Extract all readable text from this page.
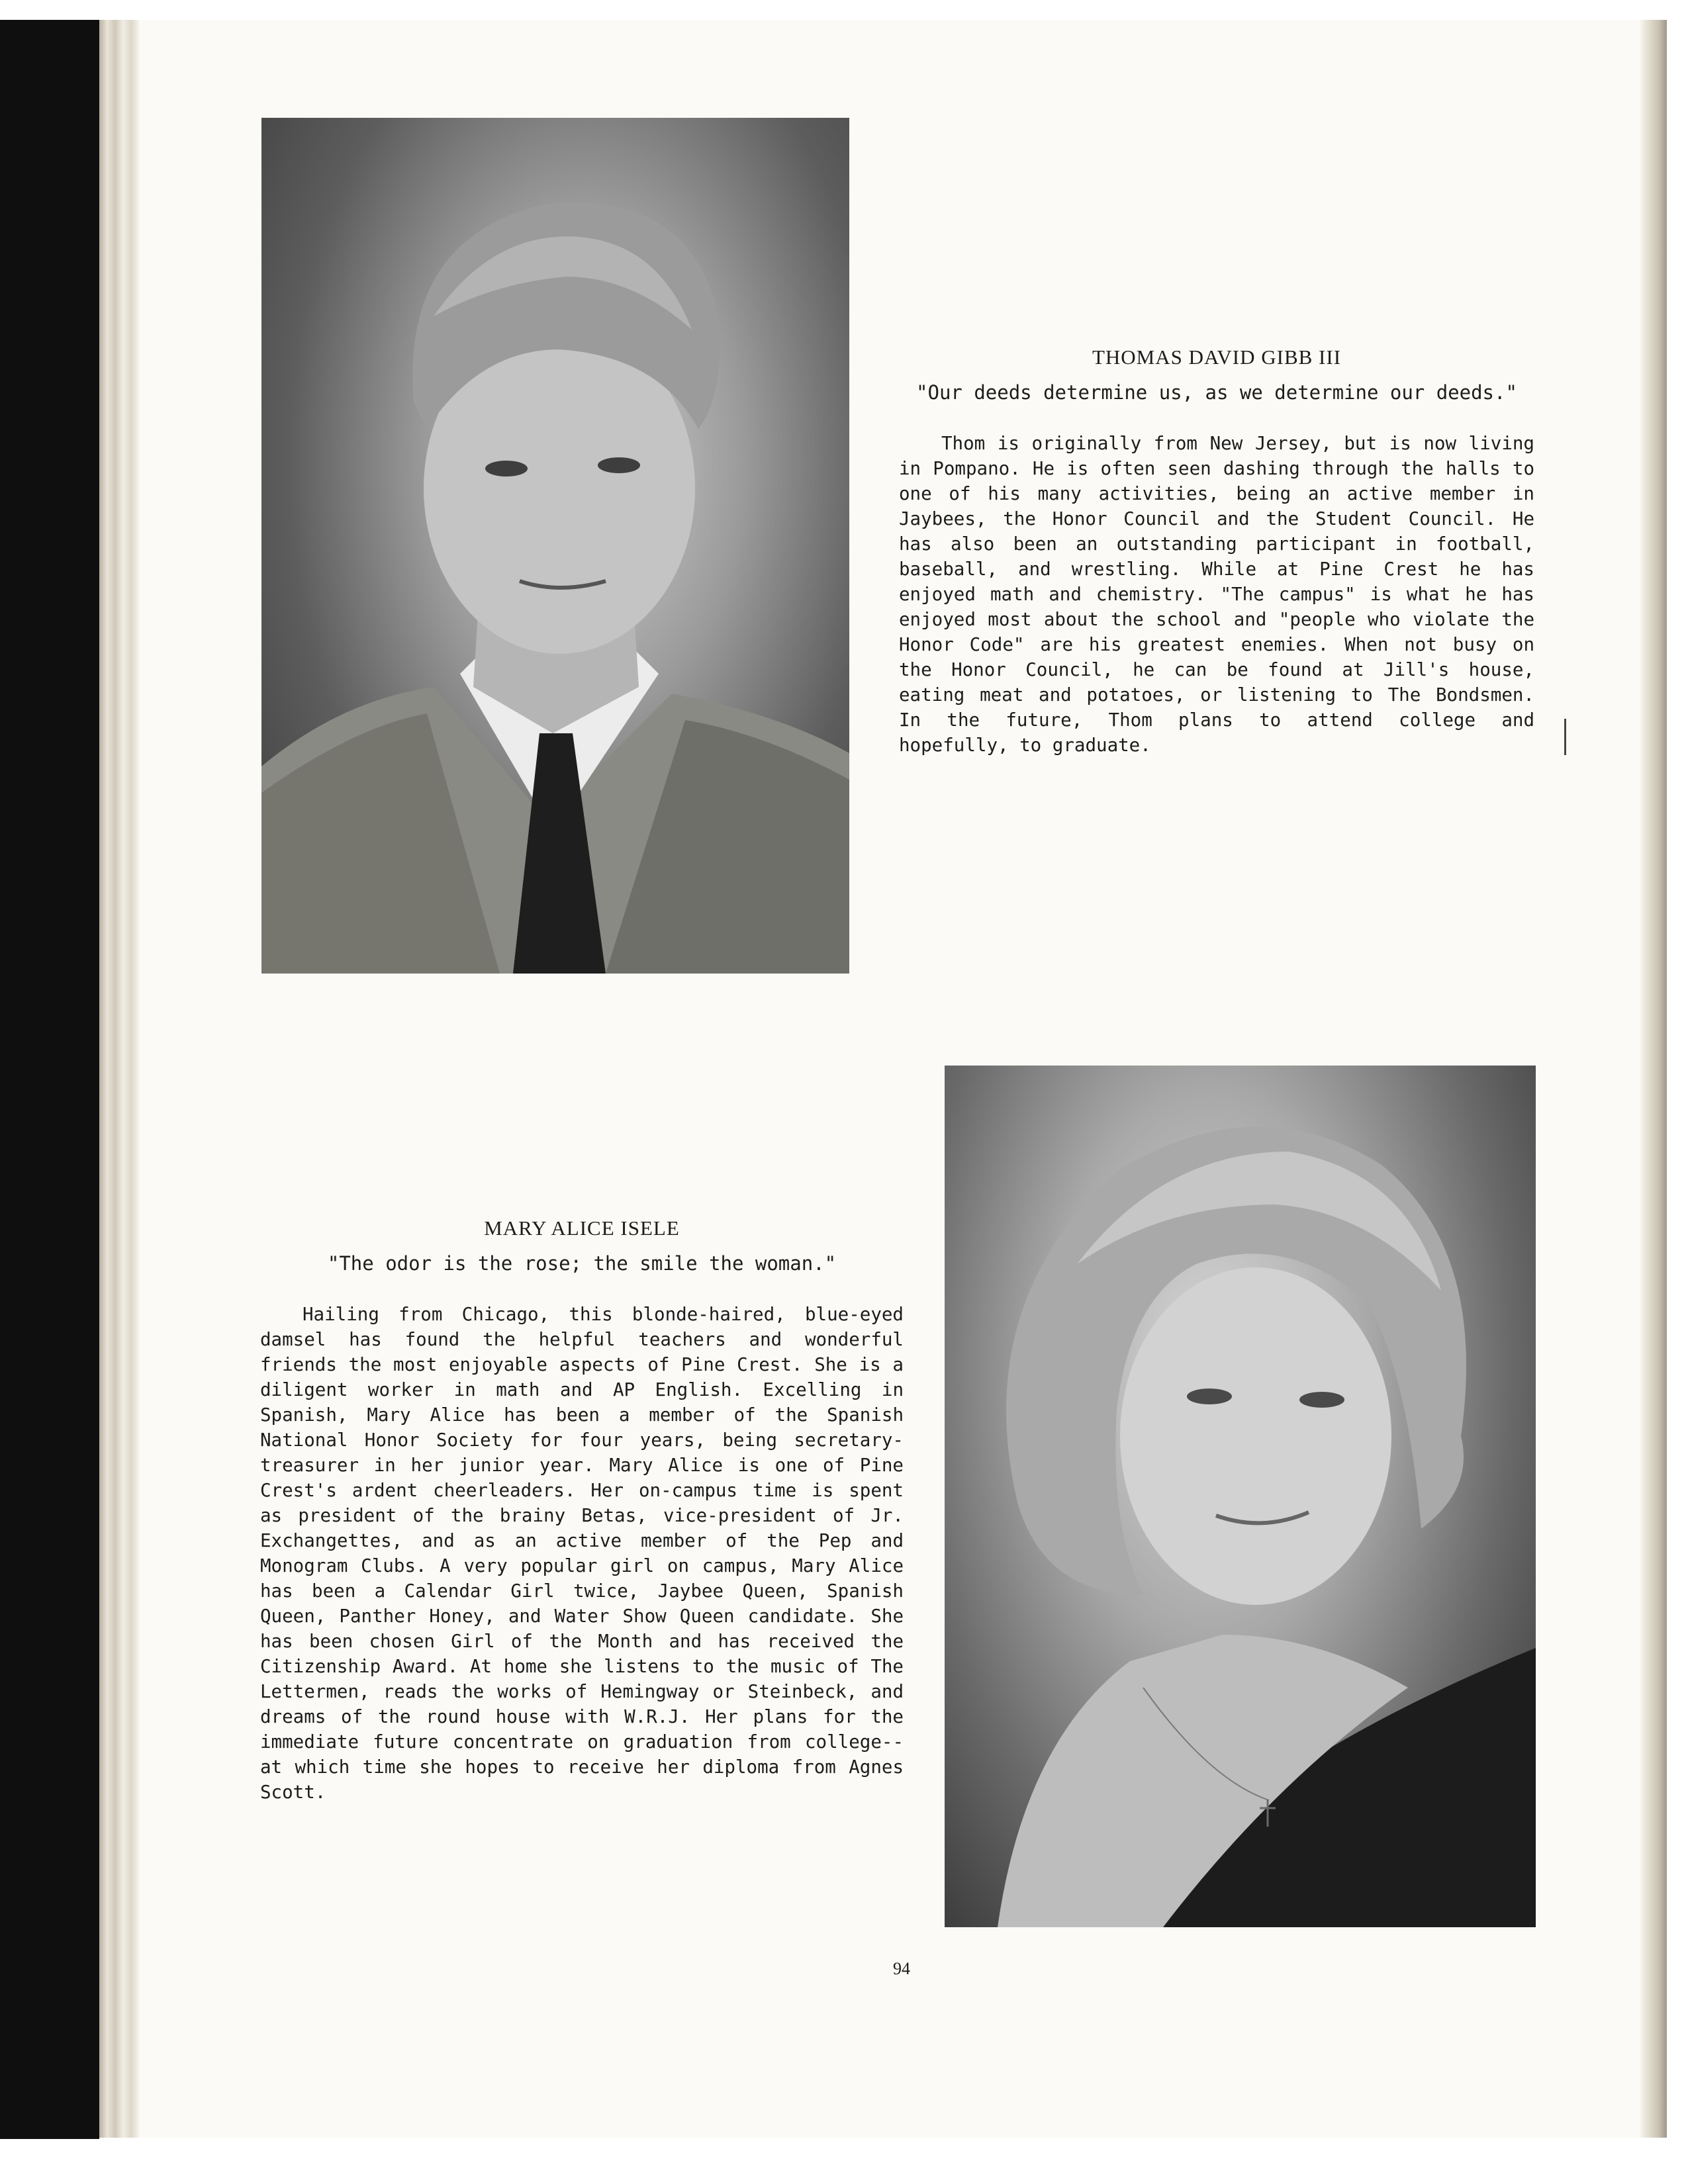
THOMAS DAVID GIBB III
"Our deeds determine us, as we determine our deeds."

Thom is originally from New Jersey, but is now living in Pompano. He is often seen dashing through the halls to one of his many activities, being an active member in Jaybees, the Honor Council and the Student Council. He has also been an outstanding participant in football, baseball, and wrestling. While at Pine Crest he has enjoyed math and chemistry. "The campus" is what he has enjoyed most about the school and "people who violate the Honor Code" are his greatest enemies. When not busy on the Honor Council, he can be found at Jill's house, eating meat and potatoes, or listening to The Bondsmen. In the future, Thom plans to attend college and hopefully, to graduate.

MARY ALICE ISELE
"The odor is the rose; the smile the woman."

Hailing from Chicago, this blonde-haired, blue-eyed damsel has found the helpful teachers and wonderful friends the most enjoyable aspects of Pine Crest. She is a diligent worker in math and AP English. Excelling in Spanish, Mary Alice has been a member of the Spanish National Honor Society for four years, being secretary-treasurer in her junior year. Mary Alice is one of Pine Crest's ardent cheerleaders. Her on-campus time is spent as president of the brainy Betas, vice-president of Jr. Exchangettes, and as an active member of the Pep and Monogram Clubs. A very popular girl on campus, Mary Alice has been a Calendar Girl twice, Jaybee Queen, Spanish Queen, Panther Honey, and Water Show Queen candidate. She has been chosen Girl of the Month and has received the Citizenship Award. At home she listens to the music of The Lettermen, reads the works of Hemingway or Steinbeck, and dreams of the round house with W.R.J. Her plans for the immediate future concentrate on graduation from college--at which time she hopes to receive her diploma from Agnes Scott.

94
